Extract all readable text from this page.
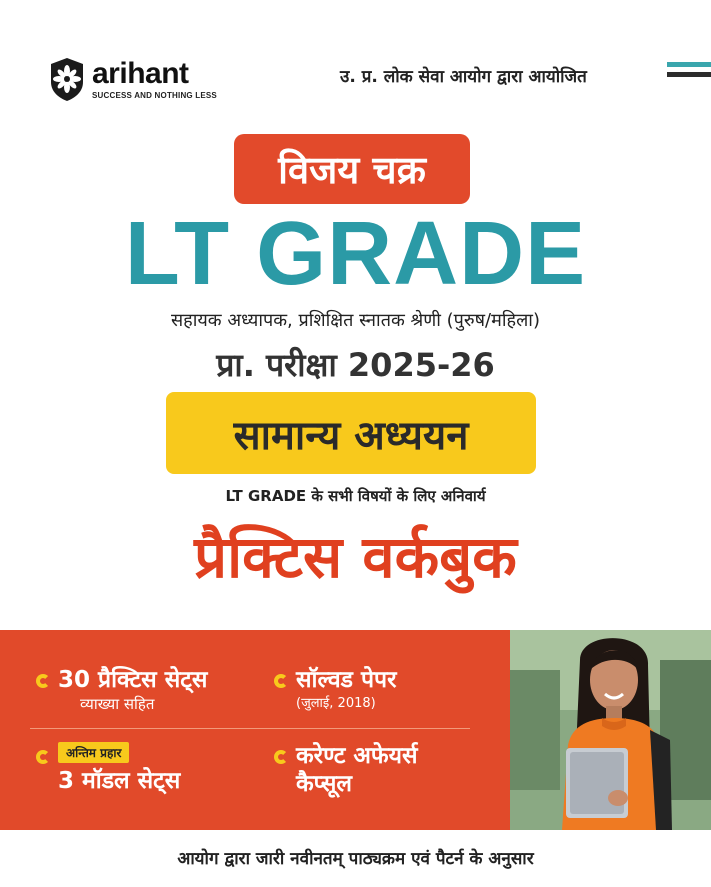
arihant
SUCCESS AND NOTHING LESS
उ. प्र. लोक सेवा आयोग द्वारा आयोजित
विजय चक्र
LT GRADE
सहायक अध्यापक, प्रशिक्षित स्नातक श्रेणी (पुरुष/महिला)
प्रा. परीक्षा 2025-26
सामान्य अध्ययन
LT GRADE के सभी विषयों के लिए अनिवार्य
प्रैक्टिस वर्कबुक
30 प्रैक्टिस सेट्स
व्याख्या सहित
सॉल्वड पेपर
(जुलाई, 2018)
अन्तिम प्रहार
3 मॉडल सेट्स
करेण्ट अफेयर्स
कैप्सूल
आयोग द्वारा जारी नवीनतम् पाठ्यक्रम एवं पैटर्न के अनुसार
